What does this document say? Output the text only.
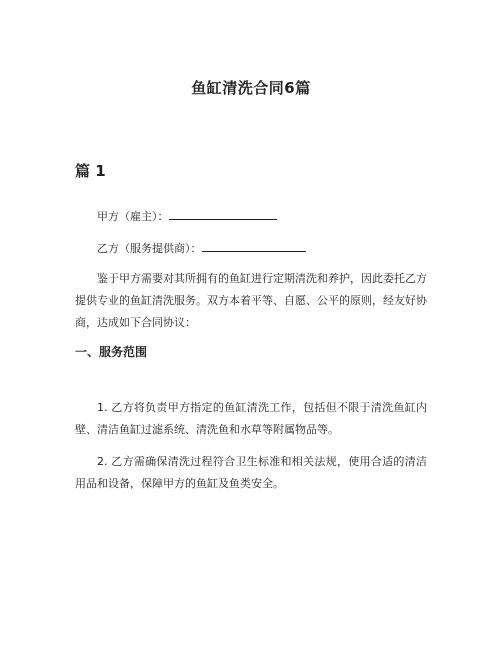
鱼缸清洗合同6篇
篇 1

甲方（雇主）：

乙方（服务提供商）：

鉴于甲方需要对其所拥有的鱼缸进行定期清洗和养护，因此委托乙方提供专业的鱼缸清洗服务。双方本着平等、自愿、公平的原则，经友好协商，达成如下合同协议：

一、服务范围

1. 乙方将负责甲方指定的鱼缸清洗工作，包括但不限于清洗鱼缸内壁、清洁鱼缸过滤系统、清洗鱼和水草等附属物品等。

2. 乙方需确保清洗过程符合卫生标准和相关法规，使用合适的清洁用品和设备，保障甲方的鱼缸及鱼类安全。
